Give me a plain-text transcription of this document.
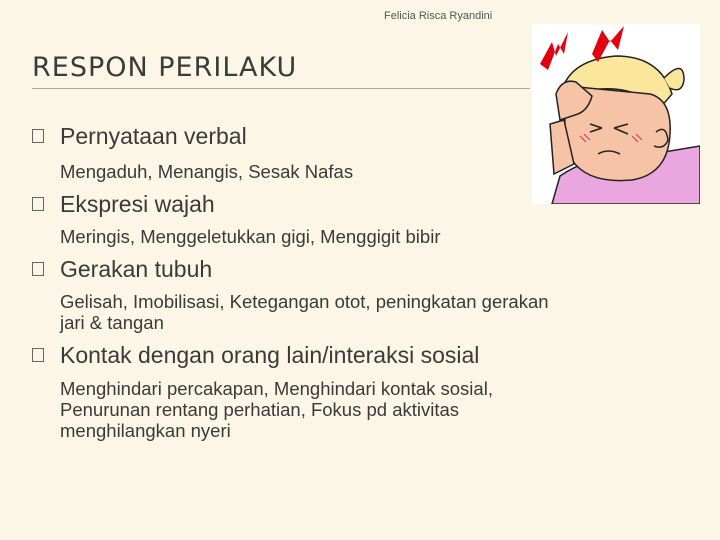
Felicia Risca Ryandini
RESPON PERILAKU
Pernyataan verbal
Mengaduh, Menangis, Sesak Nafas
Ekspresi wajah
Meringis, Menggeletukkan gigi, Menggigit bibir
Gerakan tubuh
Gelisah, Imobilisasi, Ketegangan otot, peningkatan gerakan
jari & tangan
Kontak dengan orang lain/interaksi sosial
Menghindari percakapan, Menghindari kontak sosial,
Penurunan rentang perhatian, Fokus pd aktivitas
menghilangkan nyeri
